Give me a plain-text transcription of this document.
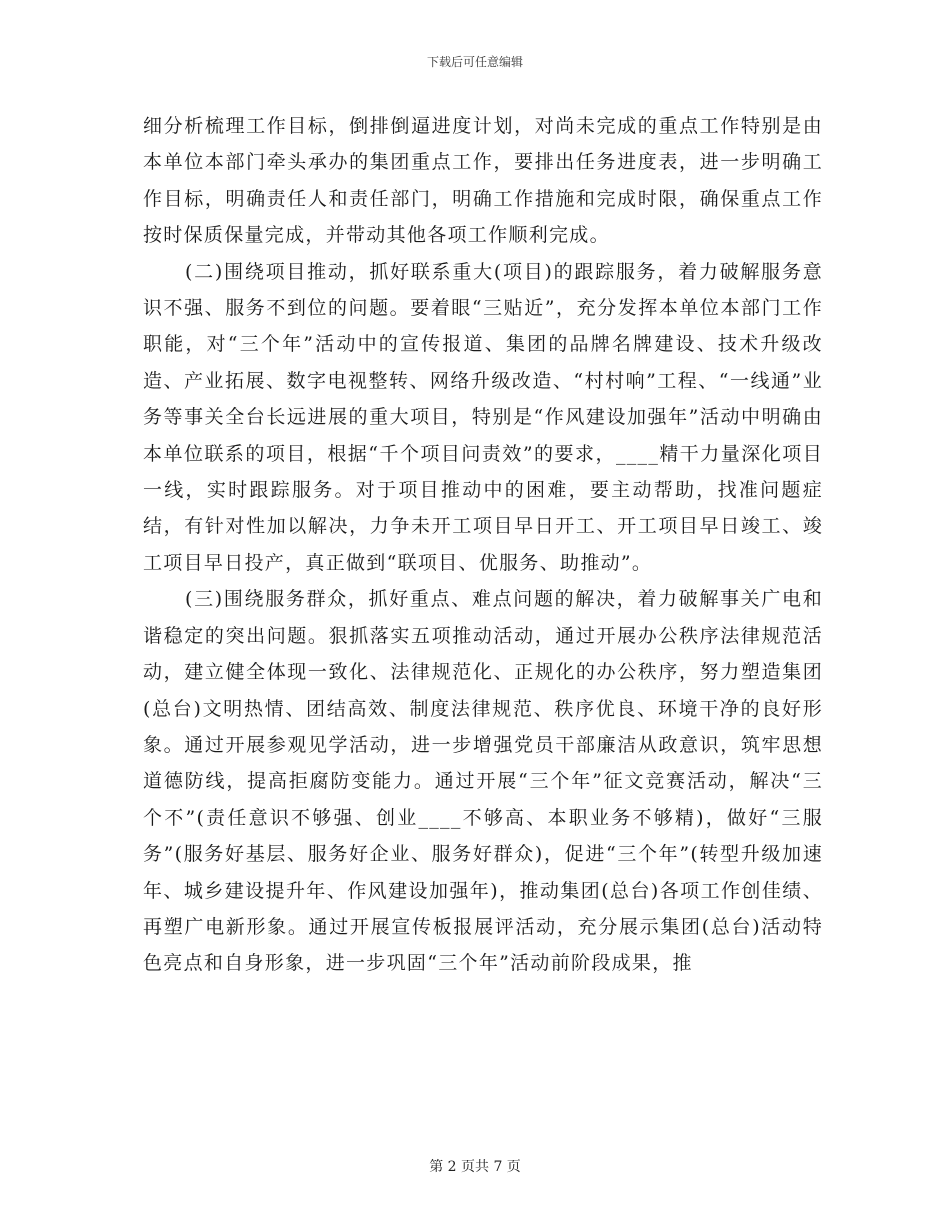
下载后可任意编辑

细分析梳理工作目标，倒排倒逼进度计划，对尚未完成的重点工作特别是由本单位本部门牵头承办的集团重点工作，要排出任务进度表，进一步明确工作目标，明确责任人和责任部门，明确工作措施和完成时限，确保重点工作按时保质保量完成，并带动其他各项工作顺利完成。

(二)围绕项目推动，抓好联系重大(项目)的跟踪服务，着力破解服务意识不强、服务不到位的问题。要着眼“三贴近”，充分发挥本单位本部门工作职能，对“三个年”活动中的宣传报道、集团的品牌名牌建设、技术升级改造、产业拓展、数字电视整转、网络升级改造、“村村响”工程、“一线通”业务等事关全台长远进展的重大项目，特别是“作风建设加强年”活动中明确由本单位联系的项目，根据“千个项目问责效”的要求，____精干力量深化项目一线，实时跟踪服务。对于项目推动中的困难，要主动帮助，找准问题症结，有针对性加以解决，力争未开工项目早日开工、开工项目早日竣工、竣工项目早日投产，真正做到“联项目、优服务、助推动”。

(三)围绕服务群众，抓好重点、难点问题的解决，着力破解事关广电和谐稳定的突出问题。狠抓落实五项推动活动，通过开展办公秩序法律规范活动，建立健全体现一致化、法律规范化、正规化的办公秩序，努力塑造集团(总台)文明热情、团结高效、制度法律规范、秩序优良、环境干净的良好形象。通过开展参观见学活动，进一步增强党员干部廉洁从政意识，筑牢思想道德防线，提高拒腐防变能力。通过开展“三个年”征文竞赛活动，解决“三个不”(责任意识不够强、创业____不够高、本职业务不够精)，做好“三服务”(服务好基层、服务好企业、服务好群众)，促进“三个年”(转型升级加速年、城乡建设提升年、作风建设加强年)，推动集团(总台)各项工作创佳绩、再塑广电新形象。通过开展宣传板报展评活动，充分展示集团(总台)活动特色亮点和自身形象，进一步巩固“三个年”活动前阶段成果，推

第 2 页共 7 页
